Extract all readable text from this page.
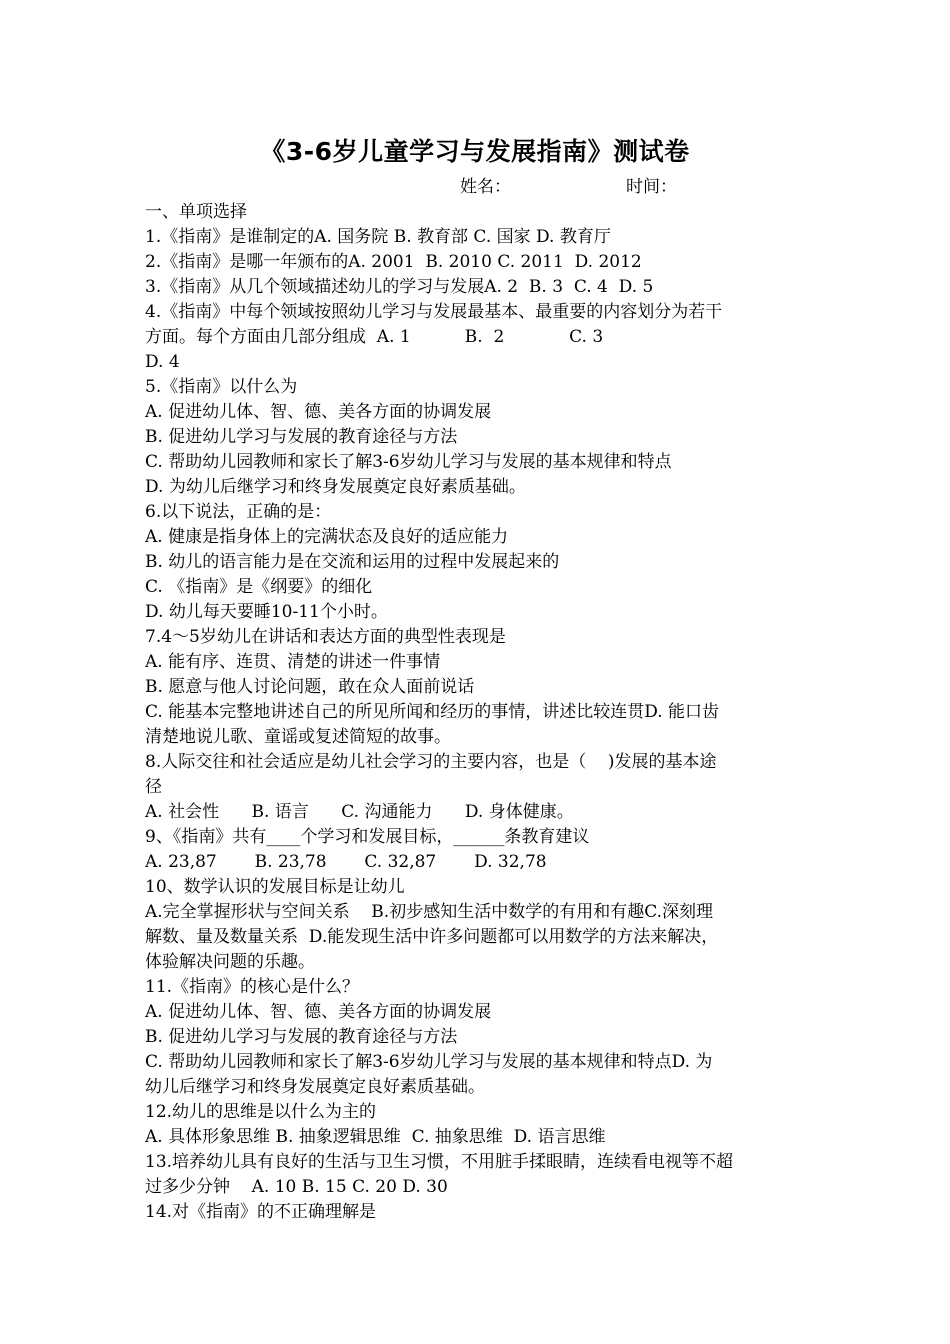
《3-6岁儿童学习与发展指南》测试卷
姓名：	时间：
一、单项选择
1.《指南》是谁制定的A. 国务院 B. 教育部 C. 国家 D. 教育厅
2.《指南》是哪一年颁布的A. 2001  B. 2010 C. 2011  D. 2012
3.《指南》从几个领域描述幼儿的学习与发展A. 2  B. 3  C. 4  D. 5
4.《指南》中每个领域按照幼儿学习与发展最基本、最重要的内容划分为若干
方面。每个方面由几部分组成  A. 1          B.  2            C. 3
D. 4
5.《指南》以什么为
A. 促进幼儿体、智、德、美各方面的协调发展
B. 促进幼儿学习与发展的教育途径与方法
C. 帮助幼儿园教师和家长了解3-6岁幼儿学习与发展的基本规律和特点
D. 为幼儿后继学习和终身发展奠定良好素质基础。
6.以下说法，正确的是：
A. 健康是指身体上的完满状态及良好的适应能力
B. 幼儿的语言能力是在交流和运用的过程中发展起来的
C. 《指南》是《纲要》的细化
D. 幼儿每天要睡10-11个小时。
7.4～5岁幼儿在讲话和表达方面的典型性表现是
A. 能有序、连贯、清楚的讲述一件事情
B. 愿意与他人讨论问题，敢在众人面前说话
C. 能基本完整地讲述自己的所见所闻和经历的事情，讲述比较连贯D. 能口齿
清楚地说儿歌、童谣或复述简短的故事。
8.人际交往和社会适应是幼儿社会学习的主要内容，也是（    )发展的基本途
径
A. 社会性      B. 语言      C. 沟通能力      D. 身体健康。
9、《指南》共有____个学习和发展目标，______条教育建议
A. 23,87       B. 23,78       C. 32,87       D. 32,78
10、数学认识的发展目标是让幼儿
A.完全掌握形状与空间关系    B.初步感知生活中数学的有用和有趣C.深刻理
解数、量及数量关系  D.能发现生活中许多问题都可以用数学的方法来解决，
体验解决问题的乐趣。
11.《指南》的核心是什么？
A. 促进幼儿体、智、德、美各方面的协调发展
B. 促进幼儿学习与发展的教育途径与方法
C. 帮助幼儿园教师和家长了解3-6岁幼儿学习与发展的基本规律和特点D. 为
幼儿后继学习和终身发展奠定良好素质基础。
12.幼儿的思维是以什么为主的
A. 具体形象思维 B. 抽象逻辑思维  C. 抽象思维  D. 语言思维
13.培养幼儿具有良好的生活与卫生习惯，不用脏手揉眼睛，连续看电视等不超
过多少分钟    A. 10 B. 15 C. 20 D. 30
14.对《指南》的不正确理解是
